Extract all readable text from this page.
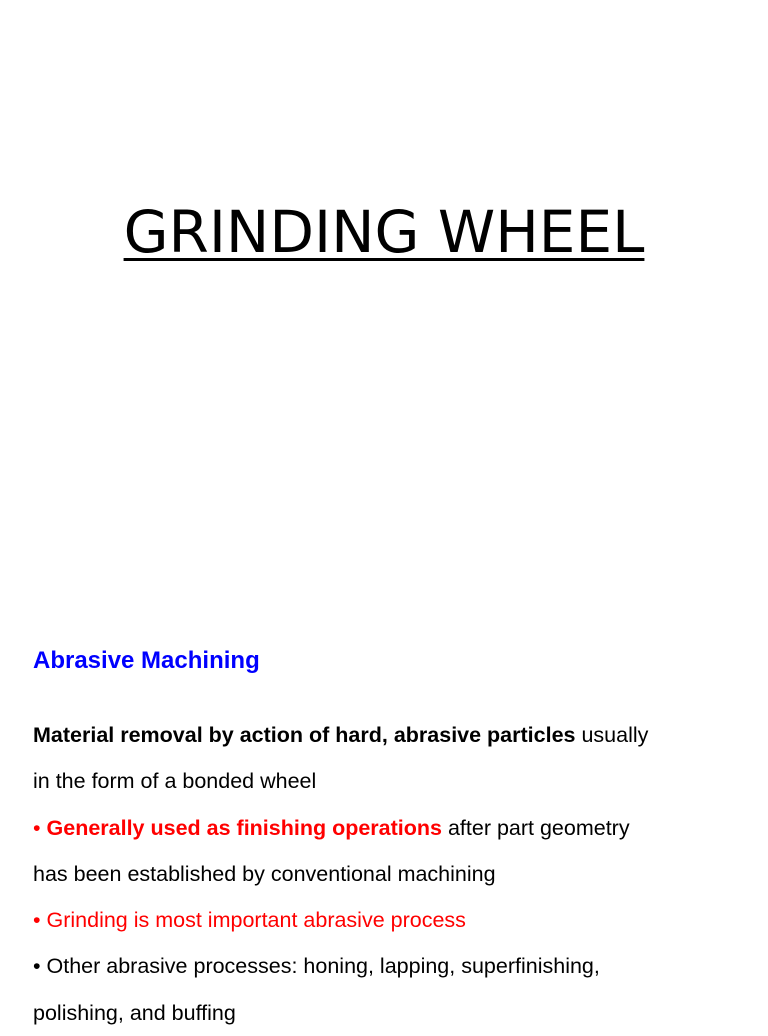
GRINDING WHEEL
Abrasive Machining
Material removal by action of hard, abrasive particles usually
in the form of a bonded wheel
• Generally used as finishing operations after part geometry
has been established by conventional machining
• Grinding is most important abrasive process
• Other abrasive processes: honing, lapping, superfinishing,
polishing, and buffing
